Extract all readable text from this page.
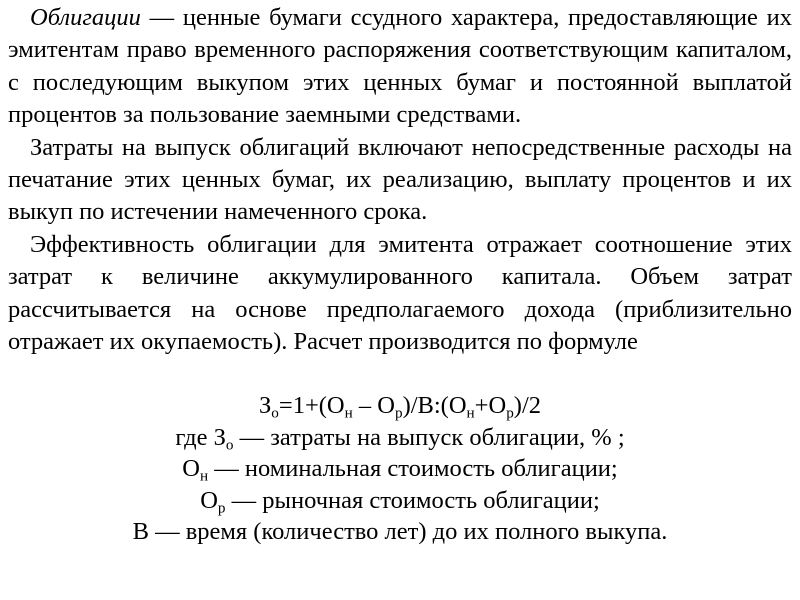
Облигации — ценные бумаги ссудного характера, предоставляющие их эмитентам право временного распоряжения соответствующим капиталом, с последующим выкупом этих ценных бумаг и постоянной выплатой процентов за пользование заемными средствами.

Затраты на выпуск облигаций включают непосредственные расходы на печатание этих ценных бумаг, их реализацию, выплату процентов и их выкуп по истечении намеченного срока.

Эффективность облигации для эмитента отражает соотношение этих затрат к величине аккумулированного капитала. Объем затрат рассчитывается на основе предполагаемого дохода (приблизительно отражает их окупаемость). Расчет производится по формуле

$З_о=1+(О_н$ – $О_р)/В:(О_н+О_р)/2$
где $З_о$ — затраты на выпуск облигации, % ;
$О_н$ — номинальная стоимость облигации;
$О_р$ — рыночная стоимость облигации;
В — время (количество лет) до их полного выкупа.
